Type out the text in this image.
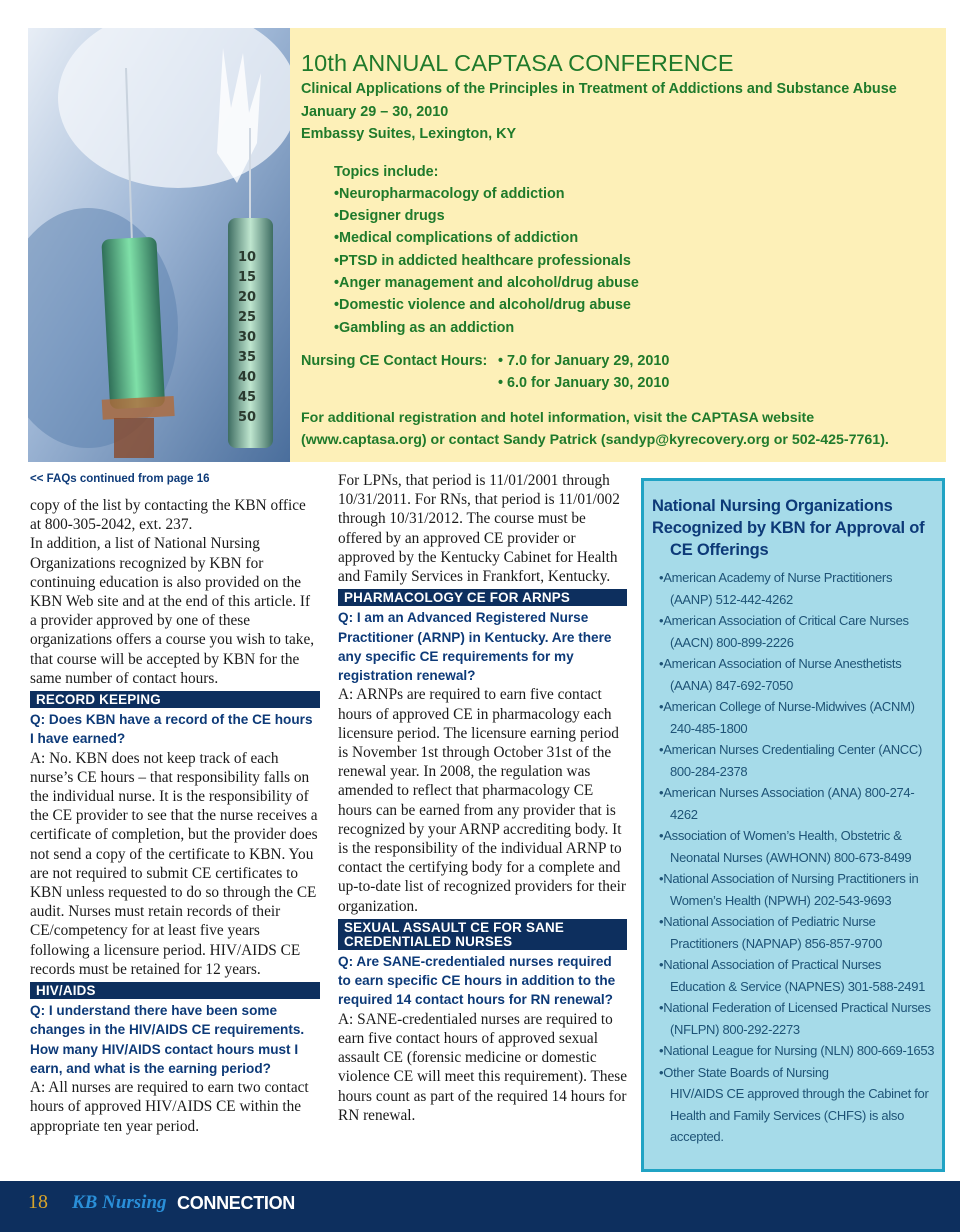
10
15
20
25
30
35
40
45
50
10th ANNUAL CAPTASA CONFERENCE
Clinical Applications of the Principles in Treatment of Addictions and Substance Abuse
January 29 – 30, 2010
Embassy Suites, Lexington, KY
Topics include:
• Neuropharmacology of addiction
• Designer drugs
• Medical complications of addiction
• PTSD in addicted healthcare professionals
• Anger management and alcohol/drug abuse
• Domestic violence and alcohol/drug abuse
• Gambling as an addiction
Nursing CE Contact Hours: • 7.0 for January 29, 2010
• 6.0 for January 30, 2010
For additional registration and hotel information, visit the CAPTASA website
(www.captasa.org) or contact Sandy Patrick (sandyp@kyrecovery.org or 502-425-7761).
<< FAQs continued from page 16

copy of the list by contacting the KBN office at 800-305-2042, ext. 237.

In addition, a list of National Nursing Organizations recognized by KBN for continuing education is also provided on the KBN Web site and at the end of this article. If a provider approved by one of these organizations offers a course you wish to take, that course will be accepted by KBN for the same number of contact hours.

RECORD KEEPING
Q: Does KBN have a record of the CE hours I have earned?

A: No. KBN does not keep track of each nurse’s CE hours – that responsibility falls on the individual nurse. It is the responsibility of the CE provider to see that the nurse receives a certificate of completion, but the provider does not send a copy of the certificate to KBN. You are not required to submit CE certificates to KBN unless requested to do so through the CE audit. Nurses must retain records of their CE/competency for at least five years following a licensure period. HIV/AIDS CE records must be retained for 12 years.

HIV/AIDS
Q: I understand there have been some changes in the HIV/AIDS CE requirements. How many HIV/AIDS contact hours must I earn, and what is the earning period?

A: All nurses are required to earn two contact hours of approved HIV/AIDS CE within the appropriate ten year period.

For LPNs, that period is 11/01/2001 through 10/31/2011. For RNs, that period is 11/01/002 through 10/31/2012. The course must be offered by an approved CE provider or approved by the Kentucky Cabinet for Health and Family Services in Frankfort, Kentucky.

PHARMACOLOGY CE FOR ARNPS
Q: I am an Advanced Registered Nurse Practitioner (ARNP) in Kentucky. Are there any specific CE requirements for my registration renewal?

A: ARNPs are required to earn five contact hours of approved CE in pharmacology each licensure period. The licensure earning period is November 1st through October 31st of the renewal year. In 2008, the regulation was amended to reflect that pharmacology CE hours can be earned from any provider that is recognized by your ARNP accrediting body. It is the responsibility of the individual ARNP to contact the certifying body for a complete and up-to-date list of recognized providers for their organization.

SEXUAL ASSAULT CE FOR SANE CREDENTIALED NURSES
Q: Are SANE-credentialed nurses required to earn specific CE hours in addition to the required 14 contact hours for RN renewal?

A: SANE-credentialed nurses are required to earn five contact hours of approved sexual assault CE (forensic medicine or domestic violence CE will meet this requirement). These hours count as part of the required 14 hours for RN renewal.

National Nursing Organizations Recognized by KBN for Approval of
CE Offerings
• American Academy of Nurse Practitioners (AANP) 512-442-4262
• American Association of Critical Care Nurses (AACN) 800-899-2226
• American Association of Nurse Anesthetists (AANA) 847-692-7050
• American College of Nurse-Midwives (ACNM) 240-485-1800
• American Nurses Credentialing Center (ANCC) 800-284-2378
• American Nurses Association (ANA) 800-274-4262
• Association of Women’s Health, Obstetric & Neonatal Nurses (AWHONN) 800-673-8499
• National Association of Nursing Practitioners in Women’s Health (NPWH) 202-543-9693
• National Association of Pediatric Nurse Practitioners (NAPNAP) 856-857-9700
• National Association of Practical Nurses Education & Service (NAPNES) 301-588-2491
• National Federation of Licensed Practical Nurses (NFLPN) 800-292-2273
• National League for Nursing (NLN) 800-669-1653
• Other State Boards of Nursing
HIV/AIDS CE approved through the Cabinet for Health and Family Services (CHFS) is also accepted.
18 KB Nursing CONNECTION
